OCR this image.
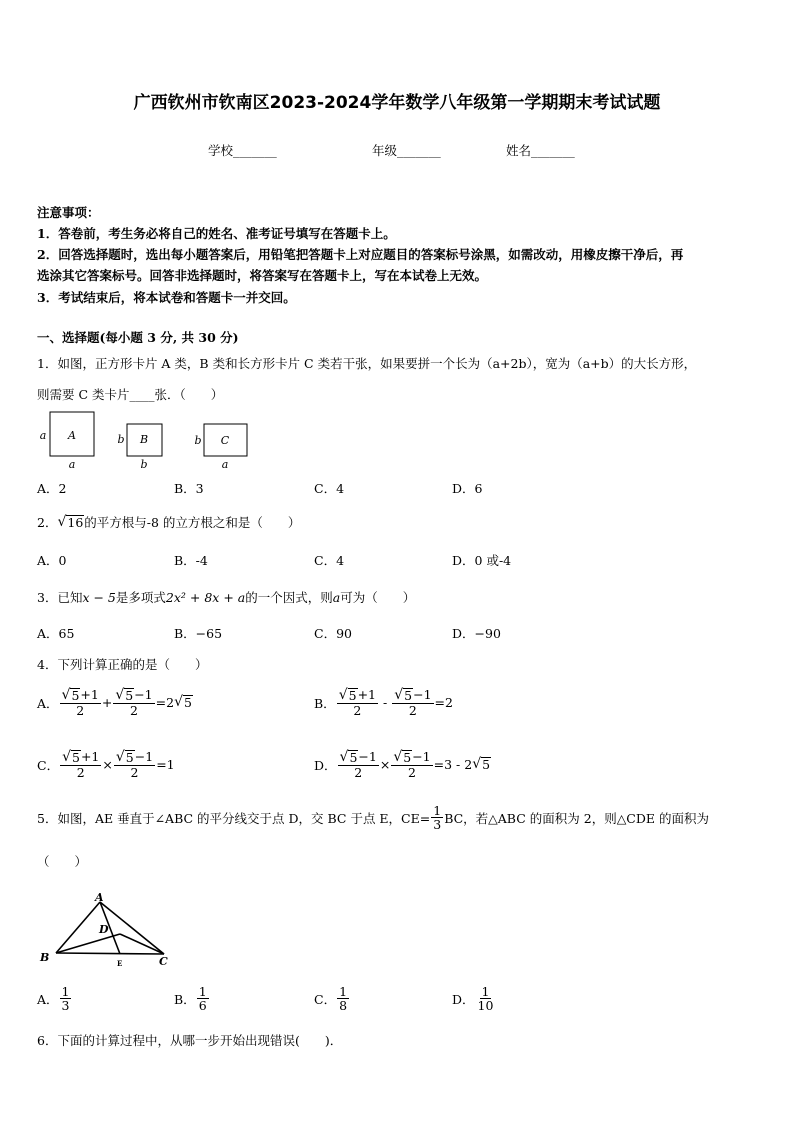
广西钦州市钦南区2023-2024学年数学八年级第一学期期末考试试题
学校_______	年级_______	姓名_______
注意事项：
1．答卷前，考生务必将自己的姓名、准考证号填写在答题卡上。
2．回答选择题时，选出每小题答案后，用铅笔把答题卡上对应题目的答案标号涂黑，如需改动，用橡皮擦干净后，再
选涂其它答案标号。回答非选择题时，将答案写在答题卡上，写在本试卷上无效。
3．考试结束后，将本试卷和答题卡一并交回。
一、选择题(每小题 3 分, 共 30 分)
1．如图，正方形卡片 A 类，B 类和长方形卡片 C 类若干张，如果要拼一个长为（a+2b），宽为（a+b）的大长方形，
则需要 C 类卡片____张．（　　）
A
a
a
B
b
b
C
b
a
A．2	B．3	C．4	D．6
2． √ 16 的平方根与-8 的立方根之和是（　　）
A．0	B．-4	C．4	D．0 或-4
3．已知x − 5是多项式2x² + 8x + a的一个因式，则a可为（　　）
A．65	B．−65	C．90	D．−90
4．下列计算正确的是（　　）
A． $\frac{√ 5 +1}{2} + \frac{√ 5 -1}{2} =2$ √ 5	B． $\frac{√ 5 +1}{2} - \frac{√ 5 -1}{2} =2$
C． $\frac{√ 5 +1}{2} \times \frac{√ 5 -1}{2} =1$	D． $\frac{√ 5 -1}{2} \times \frac{√ 5 -1}{2} =3 - 2$ √ 5
5．如图，AE 垂直于∠ABC 的平分线交于点 D，交 BC 于点 E，$CE= \frac{1}{3}$ BC，若△ABC 的面积为 2，则△CDE 的面积为
（　　）
A
B	C
D
E
A． $\frac{1}{3}$	B． $\frac{1}{6}$	C． $\frac{1}{8}$	D． $\frac{1}{10}$
6．下面的计算过程中，从哪一步开始出现错误(　　)．
